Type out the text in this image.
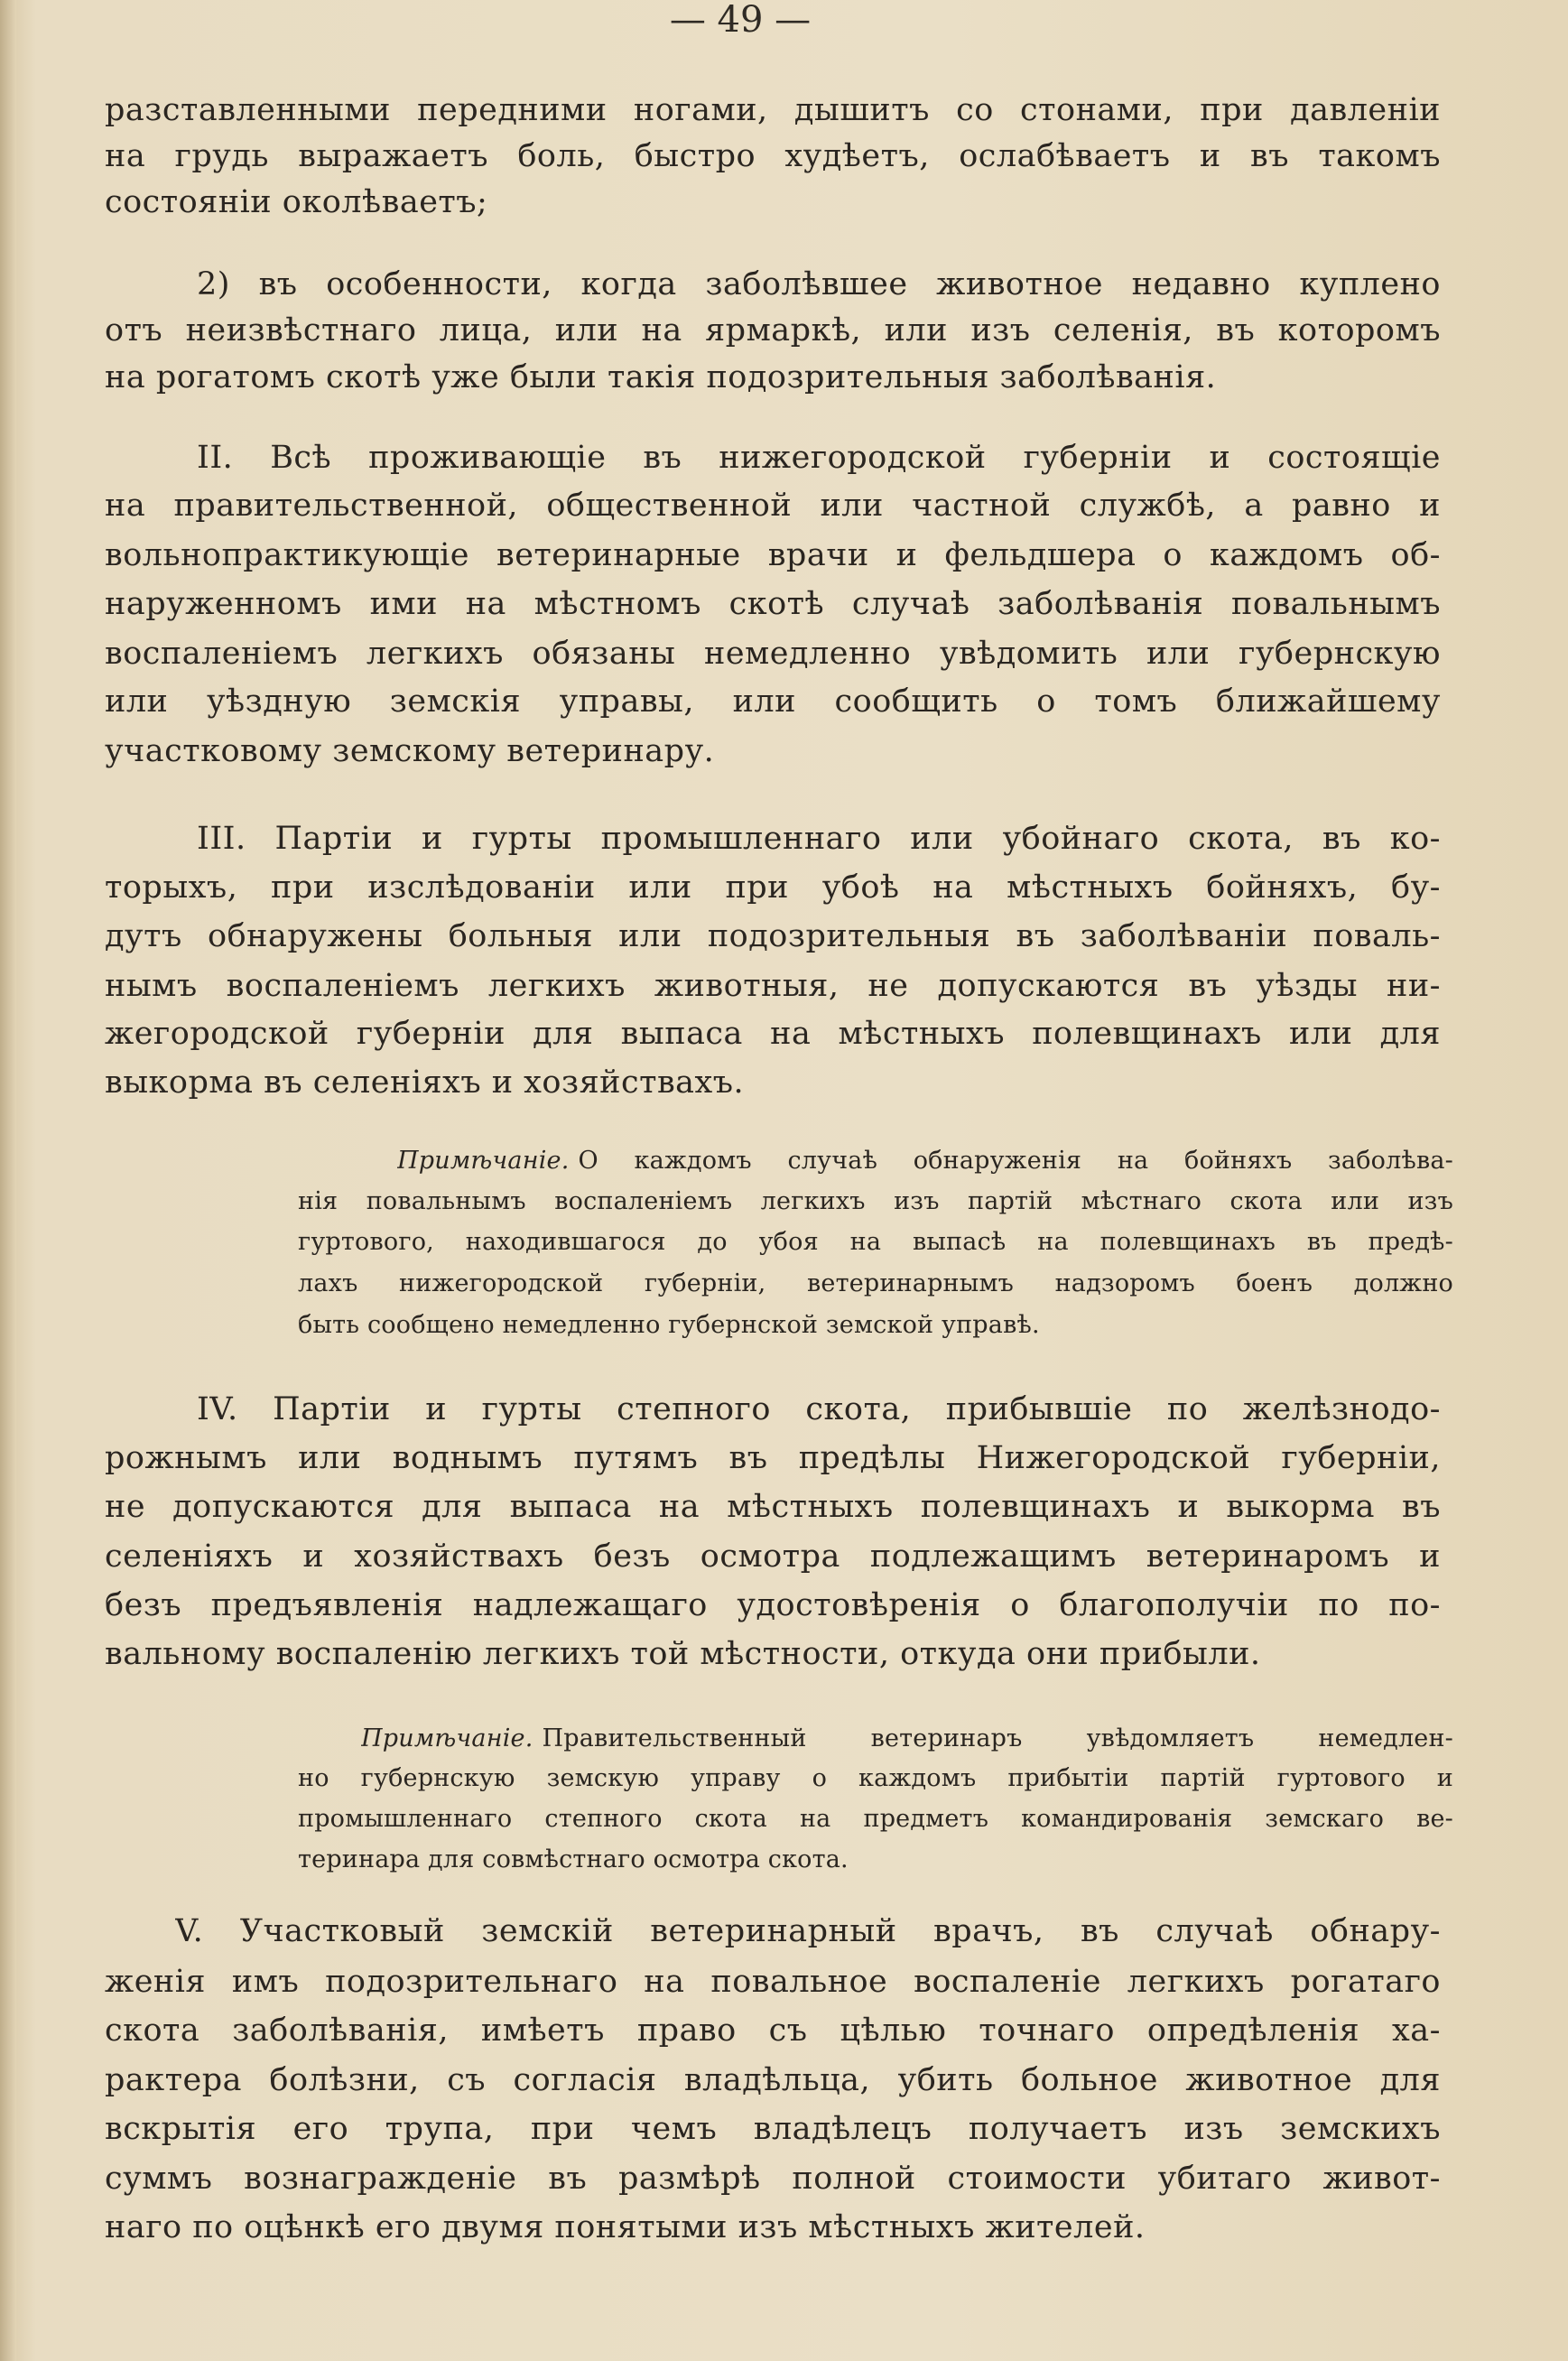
— 49 —
разставленными передними ногами, дышитъ со стонами, при давленіи
на грудь выражаетъ боль, быстро худѣетъ, ослабѣваетъ и въ такомъ
состояніи околѣваетъ;
2) въ особенности, когда заболѣвшее животное недавно куплено
отъ неизвѣстнаго лица, или на ярмаркѣ, или изъ селенія, въ которомъ
на рогатомъ скотѣ уже были такія подозрительныя заболѣванія.
II. Всѣ проживающіе въ нижегородской губерніи и состоящіе
на правительственной, общественной или частной службѣ, а равно и
вольнопрактикующіе ветеринарные врачи и фельдшера о каждомъ об-
наруженномъ ими на мѣстномъ скотѣ случаѣ заболѣванія повальнымъ
воспаленіемъ легкихъ обязаны немедленно увѣдомить или губернскую
или уѣздную земскія управы, или сообщить о томъ ближайшему
участковому земскому ветеринару.
III. Партіи и гурты промышленнаго или убойнаго скота, въ ко-
торыхъ, при изслѣдованіи или при убоѣ на мѣстныхъ бойняхъ, бу-
дутъ обнаружены больныя или подозрительныя въ заболѣваніи поваль-
нымъ воспаленіемъ легкихъ животныя, не допускаются въ уѣзды ни-
жегородской губерніи для выпаса на мѣстныхъ полевщинахъ или для
выкорма въ селеніяхъ и хозяйствахъ.
Примѣчаніе. О каждомъ случаѣ обнаруженія на бойняхъ заболѣва-
нія повальнымъ воспаленіемъ легкихъ изъ партій мѣстнаго скота или изъ
гуртового, находившагося до убоя на выпасѣ на полевщинахъ въ предѣ-
лахъ нижегородской губерніи, ветеринарнымъ надзоромъ боенъ должно
быть сообщено немедленно губернской земской управѣ.
IV. Партіи и гурты степного скота, прибывшіе по желѣзнодо-
рожнымъ или воднымъ путямъ въ предѣлы Нижегородской губерніи,
не допускаются для выпаса на мѣстныхъ полевщинахъ и выкорма въ
селеніяхъ и хозяйствахъ безъ осмотра подлежащимъ ветеринаромъ и
безъ предъявленія надлежащаго удостовѣренія о благополучіи по по-
вальному воспаленію легкихъ той мѣстности, откуда они прибыли.
Примѣчаніе. Правительственный ветеринаръ увѣдомляетъ немедлен-
но губернскую земскую управу о каждомъ прибытіи партій гуртового и
промышленнаго степного скота на предметъ командированія земскаго ве-
теринара для совмѣстнаго осмотра скота.
V. Участковый земскій ветеринарный врачъ, въ случаѣ обнару-
женія имъ подозрительнаго на повальное воспаленіе легкихъ рогатаго
скота заболѣванія, имѣетъ право съ цѣлью точнаго опредѣленія ха-
рактера болѣзни, съ согласія владѣльца, убить больное животное для
вскрытія его трупа, при чемъ владѣлецъ получаетъ изъ земскихъ
суммъ вознагражденіе въ размѣрѣ полной стоимости убитаго живот-
наго по оцѣнкѣ его двумя понятыми изъ мѣстныхъ жителей.
